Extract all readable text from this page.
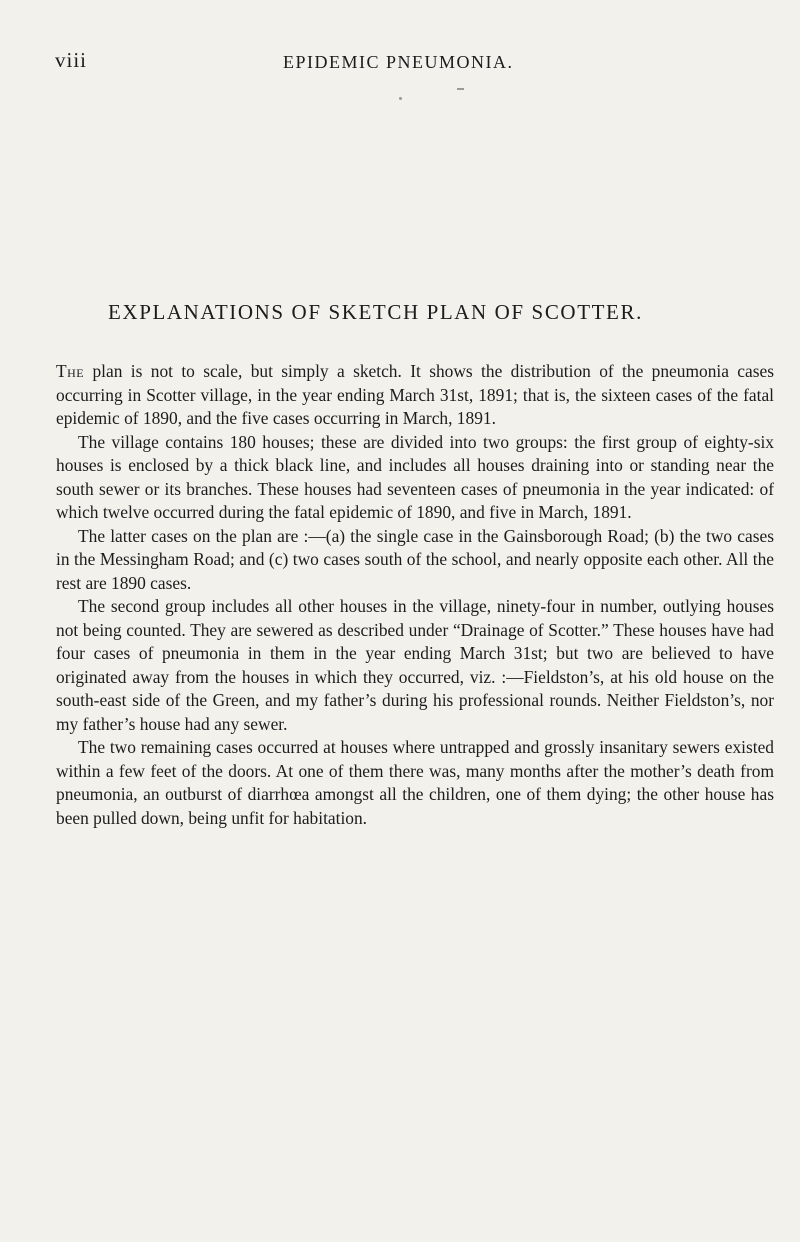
viii	EPIDEMIC PNEUMONIA.
EXPLANATIONS OF SKETCH PLAN OF SCOTTER.

The plan is not to scale, but simply a sketch. It shows the distribution of the pneumonia cases occurring in Scotter village, in the year ending March 31st, 1891; that is, the sixteen cases of the fatal epidemic of 1890, and the five cases occurring in March, 1891.

The village contains 180 houses; these are divided into two groups: the first group of eighty-six houses is enclosed by a thick black line, and includes all houses draining into or standing near the south sewer or its branches. These houses had seventeen cases of pneumonia in the year indicated: of which twelve occurred during the fatal epidemic of 1890, and five in March, 1891.

The latter cases on the plan are :—(a) the single case in the Gainsborough Road; (b) the two cases in the Messingham Road; and (c) two cases south of the school, and nearly opposite each other. All the rest are 1890 cases.

The second group includes all other houses in the village, ninety-four in number, outlying houses not being counted. They are sewered as described under “Drainage of Scotter.” These houses have had four cases of pneumonia in them in the year ending March 31st; but two are believed to have originated away from the houses in which they occurred, viz. :—Fieldston’s, at his old house on the south-east side of the Green, and my father’s during his professional rounds. Neither Fieldston’s, nor my father’s house had any sewer.

The two remaining cases occurred at houses where untrapped and grossly insanitary sewers existed within a few feet of the doors. At one of them there was, many months after the mother’s death from pneumonia, an outburst of diarrhœa amongst all the children, one of them dying; the other house has been pulled down, being unfit for habitation.
